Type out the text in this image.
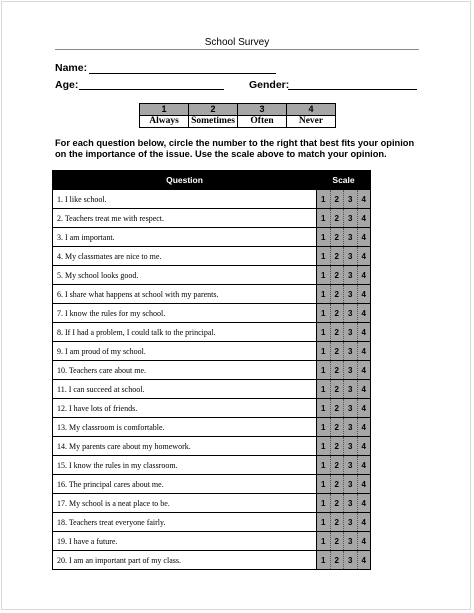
School Survey
Name:
Age:	Gender:
1	2	3	4
Always	Sometimes	Often	Never
For each question below, circle the number to the right that best fits your opinion on the importance of the issue. Use the scale above to match your opinion.
Question	Scale			
1. I like school.	1	2	3	4
2. Teachers treat me with respect.	1	2	3	4
3. I am important.	1	2	3	4
4. My classmates are nice to me.	1	2	3	4
5. My school looks good.	1	2	3	4
6. I share what happens at school with my parents.	1	2	3	4
7. I know the rules for my school.	1	2	3	4
8. If I had a problem, I could talk to the principal.	1	2	3	4
9. I am proud of my school.	1	2	3	4
10. Teachers care about me.	1	2	3	4
11. I can succeed at school.	1	2	3	4
12. I have lots of friends.	1	2	3	4
13. My classroom is comfortable.	1	2	3	4
14. My parents care about my homework.	1	2	3	4
15. I know the rules in my classroom.	1	2	3	4
16. The principal cares about me.	1	2	3	4
17. My school is a neat place to be.	1	2	3	4
18. Teachers treat everyone fairly.	1	2	3	4
19. I have a future.	1	2	3	4
20. I am an important part of my class.	1	2	3	4
